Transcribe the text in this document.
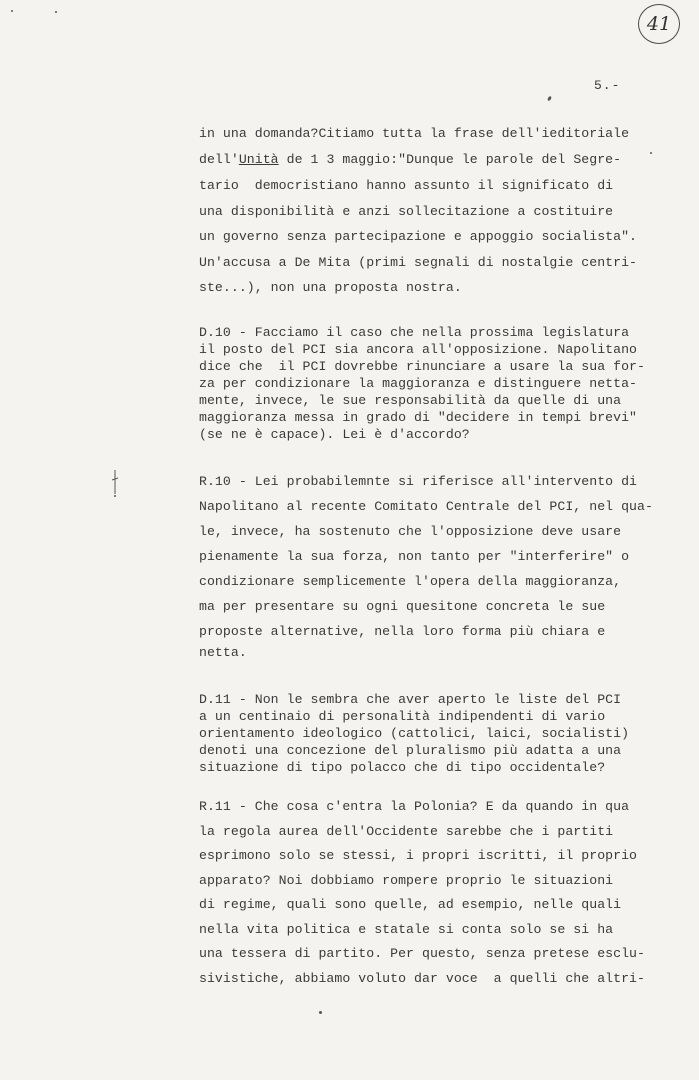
41
5.-
in una domanda?Citiamo tutta la frase dell'ieditoriale
dell'Unità de 1 3 maggio:"Dunque le parole del Segre-
tario  democristiano hanno assunto il significato di
una disponibilità e anzi sollecitazione a costituire
un governo senza partecipazione e appoggio socialista".
Un'accusa a De Mita (primi segnali di nostalgie centri-
ste...), non una proposta nostra.
D.10 - Facciamo il caso che nella prossima legislatura
il posto del PCI sia ancora all'opposizione. Napolitano
dice che  il PCI dovrebbe rinunciare a usare la sua for-
za per condizionare la maggioranza e distinguere netta-
mente, invece, le sue responsabilità da quelle di una
maggioranza messa in grado di "decidere in tempi brevi"
(se ne è capace). Lei è d'accordo?
R.10 - Lei probabilemnte si riferisce all'intervento di
Napolitano al recente Comitato Centrale del PCI, nel qua-
le, invece, ha sostenuto che l'opposizione deve usare
pienamente la sua forza, non tanto per "interferire" o
condizionare semplicemente l'opera della maggioranza,
ma per presentare su ogni quesitone concreta le sue
proposte alternative, nella loro forma più chiara e
netta.
D.11 - Non le sembra che aver aperto le liste del PCI
a un centinaio di personalità indipendenti di vario
orientamento ideologico (cattolici, laici, socialisti)
denoti una concezione del pluralismo più adatta a una
situazione di tipo polacco che di tipo occidentale?
R.11 - Che cosa c'entra la Polonia? E da quando in qua
la regola aurea dell'Occidente sarebbe che i partiti
esprimono solo se stessi, i propri iscritti, il proprio
apparato? Noi dobbiamo rompere proprio le situazioni
di regime, quali sono quelle, ad esempio, nelle quali
nella vita politica e statale si conta solo se si ha
una tessera di partito. Per questo, senza pretese esclu-
sivistiche, abbiamo voluto dar voce  a quelli che altri-
